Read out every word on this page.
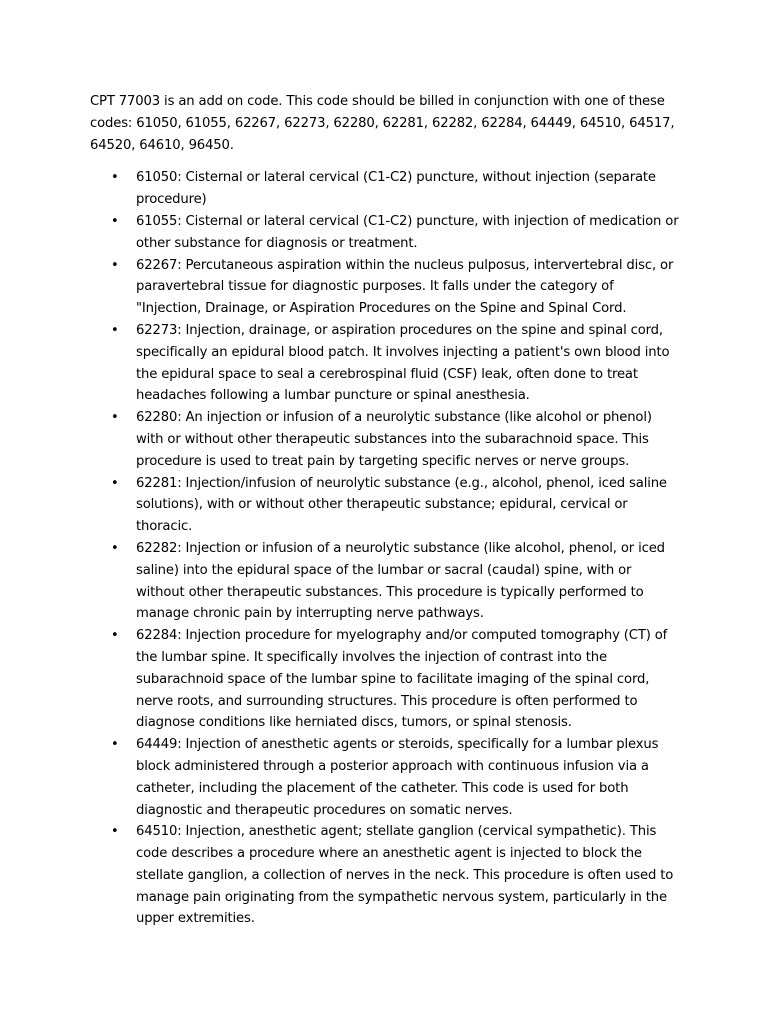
CPT 77003 is an add on code. This code should be billed in conjunction with one of these codes: 61050, 61055, 62267, 62273, 62280, 62281, 62282, 62284, 64449, 64510, 64517, 64520, 64610, 96450.

• 61050: Cisternal or lateral cervical (C1-C2) puncture, without injection (separate procedure)
• 61055: Cisternal or lateral cervical (C1-C2) puncture, with injection of medication or other substance for diagnosis or treatment.
• 62267: Percutaneous aspiration within the nucleus pulposus, intervertebral disc, or paravertebral tissue for diagnostic purposes. It falls under the category of "Injection, Drainage, or Aspiration Procedures on the Spine and Spinal Cord.
• 62273: Injection, drainage, or aspiration procedures on the spine and spinal cord, specifically an epidural blood patch. It involves injecting a patient's own blood into the epidural space to seal a cerebrospinal fluid (CSF) leak, often done to treat headaches following a lumbar puncture or spinal anesthesia.
• 62280: An injection or infusion of a neurolytic substance (like alcohol or phenol) with or without other therapeutic substances into the subarachnoid space. This procedure is used to treat pain by targeting specific nerves or nerve groups.
• 62281: Injection/infusion of neurolytic substance (e.g., alcohol, phenol, iced saline solutions), with or without other therapeutic substance; epidural, cervical or thoracic.
• 62282: Injection or infusion of a neurolytic substance (like alcohol, phenol, or iced saline) into the epidural space of the lumbar or sacral (caudal) spine, with or without other therapeutic substances. This procedure is typically performed to manage chronic pain by interrupting nerve pathways.
• 62284: Injection procedure for myelography and/or computed tomography (CT) of the lumbar spine. It specifically involves the injection of contrast into the subarachnoid space of the lumbar spine to facilitate imaging of the spinal cord, nerve roots, and surrounding structures. This procedure is often performed to diagnose conditions like herniated discs, tumors, or spinal stenosis.
• 64449: Injection of anesthetic agents or steroids, specifically for a lumbar plexus block administered through a posterior approach with continuous infusion via a catheter, including the placement of the catheter. This code is used for both diagnostic and therapeutic procedures on somatic nerves.
• 64510: Injection, anesthetic agent; stellate ganglion (cervical sympathetic). This code describes a procedure where an anesthetic agent is injected to block the stellate ganglion, a collection of nerves in the neck. This procedure is often used to manage pain originating from the sympathetic nervous system, particularly in the upper extremities.
